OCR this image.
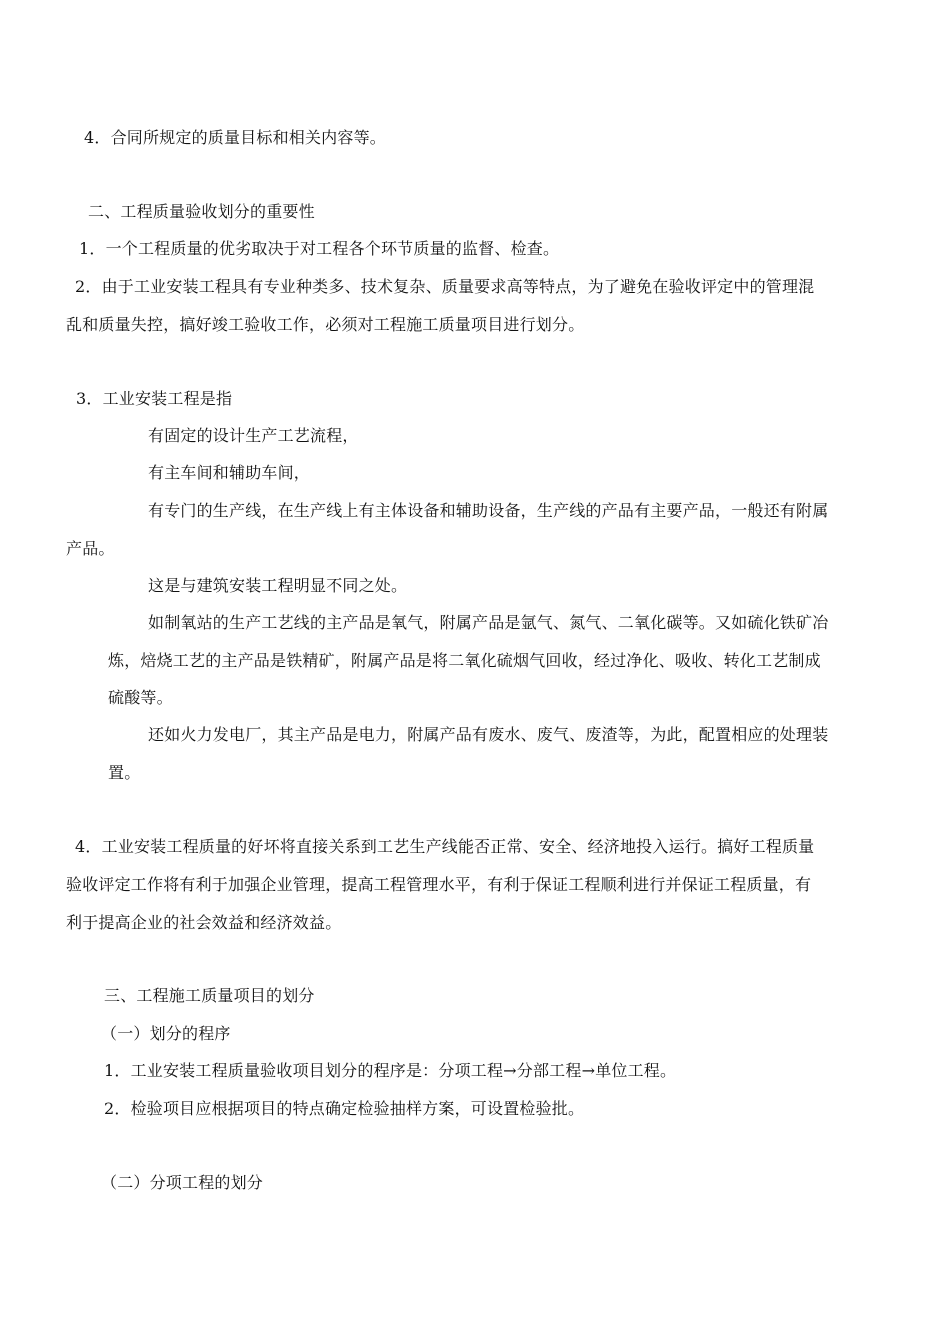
4．合同所规定的质量目标和相关内容等。
二、工程质量验收划分的重要性
1．一个工程质量的优劣取决于对工程各个环节质量的监督、检查。
2．由于工业安装工程具有专业种类多、技术复杂、质量要求高等特点，为了避免在验收评定中的管理混
乱和质量失控，搞好竣工验收工作，必须对工程施工质量项目进行划分。
3．工业安装工程是指
有固定的设计生产工艺流程，
有主车间和辅助车间，
有专门的生产线，在生产线上有主体设备和辅助设备，生产线的产品有主要产品，一般还有附属
产品。
这是与建筑安装工程明显不同之处。
如制氧站的生产工艺线的主产品是氧气，附属产品是氩气、氮气、二氧化碳等。又如硫化铁矿冶
炼，焙烧工艺的主产品是铁精矿，附属产品是将二氧化硫烟气回收，经过净化、吸收、转化工艺制成
硫酸等。
还如火力发电厂，其主产品是电力，附属产品有废水、废气、废渣等，为此，配置相应的处理装
置。
4．工业安装工程质量的好坏将直接关系到工艺生产线能否正常、安全、经济地投入运行。搞好工程质量
验收评定工作将有利于加强企业管理，提高工程管理水平，有利于保证工程顺利进行并保证工程质量，有
利于提高企业的社会效益和经济效益。
三、工程施工质量项目的划分
（一）划分的程序
1．工业安装工程质量验收项目划分的程序是：分项工程→分部工程→单位工程。
2．检验项目应根据项目的特点确定检验抽样方案，可设置检验批。
（二）分项工程的划分
